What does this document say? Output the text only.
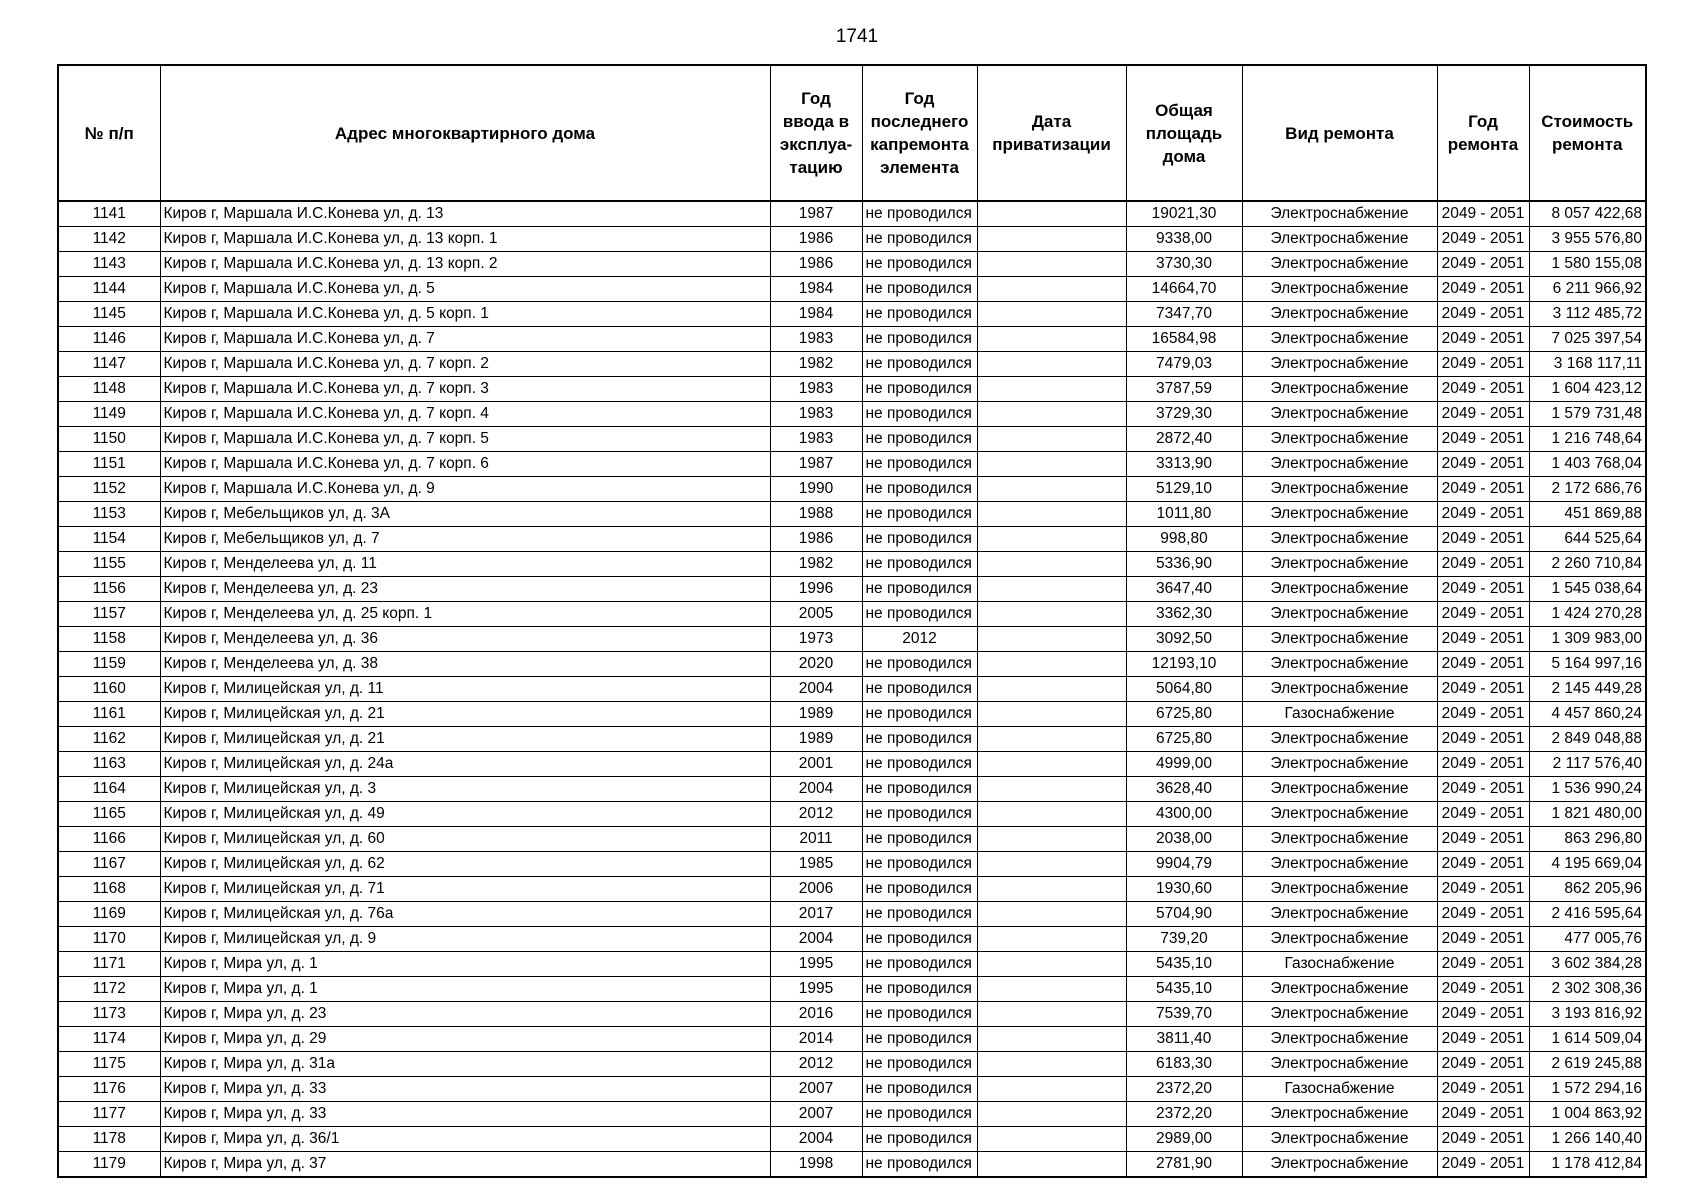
1741
№ п/п	Адрес многоквартирного дома	Год ввода в эксплуа-тацию	Год последнего капремонта элемента	Дата приватизации	Общая площадь дома	Вид ремонта	Год ремонта	Стоимость ремонта
1141	Киров г, Маршала И.С.Конева ул, д. 13	1987	не проводился		19021,30	Электроснабжение	2049 - 2051	8 057 422,68
1142	Киров г, Маршала И.С.Конева ул, д. 13 корп. 1	1986	не проводился		9338,00	Электроснабжение	2049 - 2051	3 955 576,80
1143	Киров г, Маршала И.С.Конева ул, д. 13 корп. 2	1986	не проводился		3730,30	Электроснабжение	2049 - 2051	1 580 155,08
1144	Киров г, Маршала И.С.Конева ул, д. 5	1984	не проводился		14664,70	Электроснабжение	2049 - 2051	6 211 966,92
1145	Киров г, Маршала И.С.Конева ул, д. 5 корп. 1	1984	не проводился		7347,70	Электроснабжение	2049 - 2051	3 112 485,72
1146	Киров г, Маршала И.С.Конева ул, д. 7	1983	не проводился		16584,98	Электроснабжение	2049 - 2051	7 025 397,54
1147	Киров г, Маршала И.С.Конева ул, д. 7 корп. 2	1982	не проводился		7479,03	Электроснабжение	2049 - 2051	3 168 117,11
1148	Киров г, Маршала И.С.Конева ул, д. 7 корп. 3	1983	не проводился		3787,59	Электроснабжение	2049 - 2051	1 604 423,12
1149	Киров г, Маршала И.С.Конева ул, д. 7 корп. 4	1983	не проводился		3729,30	Электроснабжение	2049 - 2051	1 579 731,48
1150	Киров г, Маршала И.С.Конева ул, д. 7 корп. 5	1983	не проводился		2872,40	Электроснабжение	2049 - 2051	1 216 748,64
1151	Киров г, Маршала И.С.Конева ул, д. 7 корп. 6	1987	не проводился		3313,90	Электроснабжение	2049 - 2051	1 403 768,04
1152	Киров г, Маршала И.С.Конева ул, д. 9	1990	не проводился		5129,10	Электроснабжение	2049 - 2051	2 172 686,76
1153	Киров г, Мебельщиков ул, д. 3А	1988	не проводился		1011,80	Электроснабжение	2049 - 2051	451 869,88
1154	Киров г, Мебельщиков ул, д. 7	1986	не проводился		998,80	Электроснабжение	2049 - 2051	644 525,64
1155	Киров г, Менделеева ул, д. 11	1982	не проводился		5336,90	Электроснабжение	2049 - 2051	2 260 710,84
1156	Киров г, Менделеева ул, д. 23	1996	не проводился		3647,40	Электроснабжение	2049 - 2051	1 545 038,64
1157	Киров г, Менделеева ул, д. 25 корп. 1	2005	не проводился		3362,30	Электроснабжение	2049 - 2051	1 424 270,28
1158	Киров г, Менделеева ул, д. 36	1973	2012		3092,50	Электроснабжение	2049 - 2051	1 309 983,00
1159	Киров г, Менделеева ул, д. 38	2020	не проводился		12193,10	Электроснабжение	2049 - 2051	5 164 997,16
1160	Киров г, Милицейская ул, д. 11	2004	не проводился		5064,80	Электроснабжение	2049 - 2051	2 145 449,28
1161	Киров г, Милицейская ул, д. 21	1989	не проводился		6725,80	Газоснабжение	2049 - 2051	4 457 860,24
1162	Киров г, Милицейская ул, д. 21	1989	не проводился		6725,80	Электроснабжение	2049 - 2051	2 849 048,88
1163	Киров г, Милицейская ул, д. 24а	2001	не проводился		4999,00	Электроснабжение	2049 - 2051	2 117 576,40
1164	Киров г, Милицейская ул, д. 3	2004	не проводился		3628,40	Электроснабжение	2049 - 2051	1 536 990,24
1165	Киров г, Милицейская ул, д. 49	2012	не проводился		4300,00	Электроснабжение	2049 - 2051	1 821 480,00
1166	Киров г, Милицейская ул, д. 60	2011	не проводился		2038,00	Электроснабжение	2049 - 2051	863 296,80
1167	Киров г, Милицейская ул, д. 62	1985	не проводился		9904,79	Электроснабжение	2049 - 2051	4 195 669,04
1168	Киров г, Милицейская ул, д. 71	2006	не проводился		1930,60	Электроснабжение	2049 - 2051	862 205,96
1169	Киров г, Милицейская ул, д. 76а	2017	не проводился		5704,90	Электроснабжение	2049 - 2051	2 416 595,64
1170	Киров г, Милицейская ул, д. 9	2004	не проводился		739,20	Электроснабжение	2049 - 2051	477 005,76
1171	Киров г, Мира ул, д. 1	1995	не проводился		5435,10	Газоснабжение	2049 - 2051	3 602 384,28
1172	Киров г, Мира ул, д. 1	1995	не проводился		5435,10	Электроснабжение	2049 - 2051	2 302 308,36
1173	Киров г, Мира ул, д. 23	2016	не проводился		7539,70	Электроснабжение	2049 - 2051	3 193 816,92
1174	Киров г, Мира ул, д. 29	2014	не проводился		3811,40	Электроснабжение	2049 - 2051	1 614 509,04
1175	Киров г, Мира ул, д. 31а	2012	не проводился		6183,30	Электроснабжение	2049 - 2051	2 619 245,88
1176	Киров г, Мира ул, д. 33	2007	не проводился		2372,20	Газоснабжение	2049 - 2051	1 572 294,16
1177	Киров г, Мира ул, д. 33	2007	не проводился		2372,20	Электроснабжение	2049 - 2051	1 004 863,92
1178	Киров г, Мира ул, д. 36/1	2004	не проводился		2989,00	Электроснабжение	2049 - 2051	1 266 140,40
1179	Киров г, Мира ул, д. 37	1998	не проводился		2781,90	Электроснабжение	2049 - 2051	1 178 412,84
